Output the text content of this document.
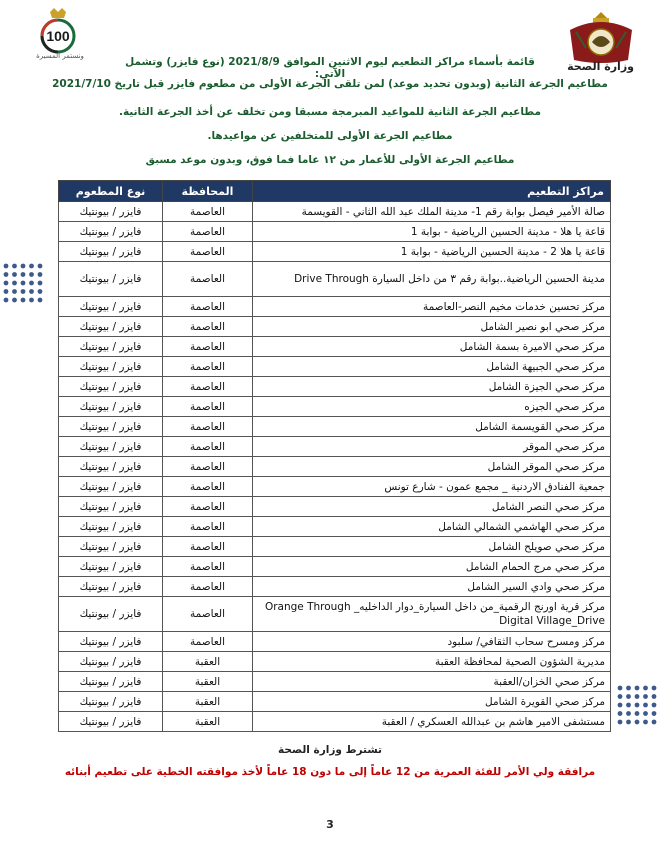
وزارة الصحة
100
ونستمر المسيرة	قائمة بأسماء مراكز التطعيم ليوم الاثنين الموافق 2021/8/9 (نوع فايزر) وتشمل الآتي:
مطاعيم الجرعة الثانية (وبدون تحديد موعد) لمن تلقى الجرعة الأولى من مطعوم فايزر قبل تاريخ 2021/7/10
مطاعيم الجرعة الثانية للمواعيد المبرمجة مسبقا ومن تخلف عن أخذ الجرعة الثانية.
مطاعيم الجرعة الأولى للمتخلفين عن مواعيدها.
مطاعيم الجرعة الأولى للأعمار من ١٢ عاما فما فوق، وبدون موعد مسبق
مراكز التطعيم	المحافظة	نوع المطعوم
صالة الأمير فيصل بوابة رقم 1- مدينة الملك عبد الله الثاني - القويسمة	العاصمة	فايزر / بيونتيك
قاعة يا هلا - مدينة الحسين الرياضية - بوابة 1	العاصمة	فايزر / بيونتيك
قاعة يا هلا 2 - مدينة الحسين الرياضية - بوابة 1	العاصمة	فايزر / بيونتيك
مدينة الحسين الرياضية..بوابة رقم ٣ من داخل السيارة Drive Through	العاصمة	فايزر / بيونتيك
مركز تحسين خدمات مخيم النصر-العاصمة	العاصمة	فايزر / بيونتيك
مركز صحي ابو نصير الشامل	العاصمة	فايزر / بيونتيك
مركز صحي الاميرة بسمة الشامل	العاصمة	فايزر / بيونتيك
مركز صحي الجبيهة الشامل	العاصمة	فايزر / بيونتيك
مركز صحي الجيزة الشامل	العاصمة	فايزر / بيونتيك
مركز صحي الجيزه	العاصمة	فايزر / بيونتيك
مركز صحي القويسمة الشامل	العاصمة	فايزر / بيونتيك
مركز صحي الموقر	العاصمة	فايزر / بيونتيك
مركز صحي الموقر الشامل	العاصمة	فايزر / بيونتيك
جمعية الفنادق الاردنية _ مجمع عمون - شارع تونس	العاصمة	فايزر / بيونتيك
مركز صحي النصر الشامل	العاصمة	فايزر / بيونتيك
مركز صحي الهاشمي الشمالي الشامل	العاصمة	فايزر / بيونتيك
مركز صحي صويلح الشامل	العاصمة	فايزر / بيونتيك
مركز صحي مرج الحمام الشامل	العاصمة	فايزر / بيونتيك
مركز صحي وادي السير الشامل	العاصمة	فايزر / بيونتيك
مركز قرية اورنج الرقمية_من داخل السيارة_دوار الداخليه_ Orange Through Digital Village_Drive	العاصمة	فايزر / بيونتيك
مركز ومسرح سحاب الثقافي/ سلبود	العاصمة	فايزر / بيونتيك
مديرية الشؤون الصحية لمحافظة العقبة	العقبة	فايزر / بيونتيك
مركز صحي الخزان/العقبة	العقبة	فايزر / بيونتيك
مركز صحي القويرة الشامل	العقبة	فايزر / بيونتيك
مستشفى الامير هاشم بن عبدالله العسكري / العقبة	العقبة	فايزر / بيونتيك
تشترط وزارة الصحة
مرافقة ولي الأمر للفئة العمرية من 12 عاماً إلى ما دون 18 عاماً لأخذ موافقته الخطية على تطعيم أبنائه
3
